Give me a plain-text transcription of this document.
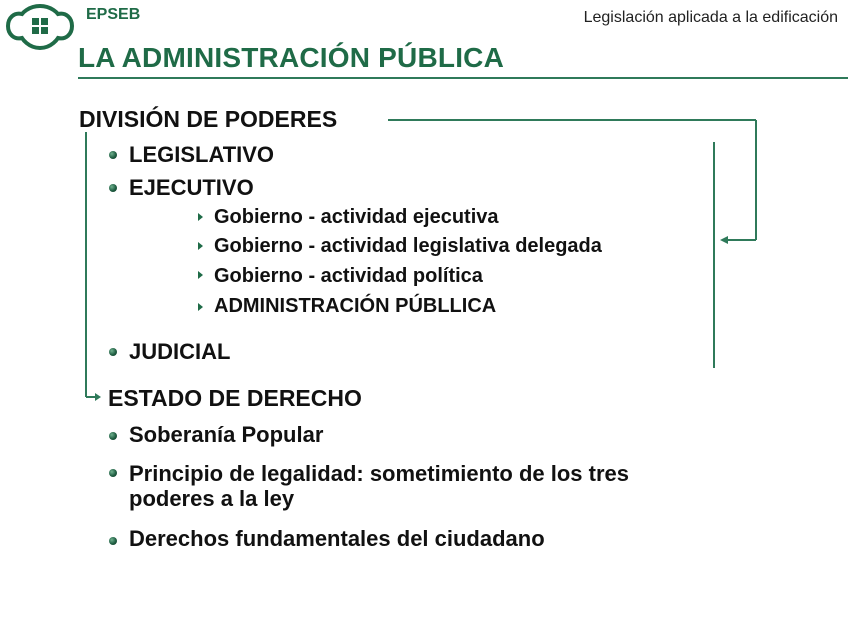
EPSEB	Legislación aplicada a la edificación
LA ADMINISTRACIÓN PÚBLICA
DIVISIÓN DE PODERES
LEGISLATIVO
EJECUTIVO
Gobierno - actividad ejecutiva
Gobierno - actividad legislativa delegada
Gobierno - actividad política
ADMINISTRACIÓN PÚBLLICA
JUDICIAL
ESTADO DE DERECHO
Soberanía Popular
Principio de legalidad: sometimiento de los tres
poderes a la ley
Derechos fundamentales del ciudadano
